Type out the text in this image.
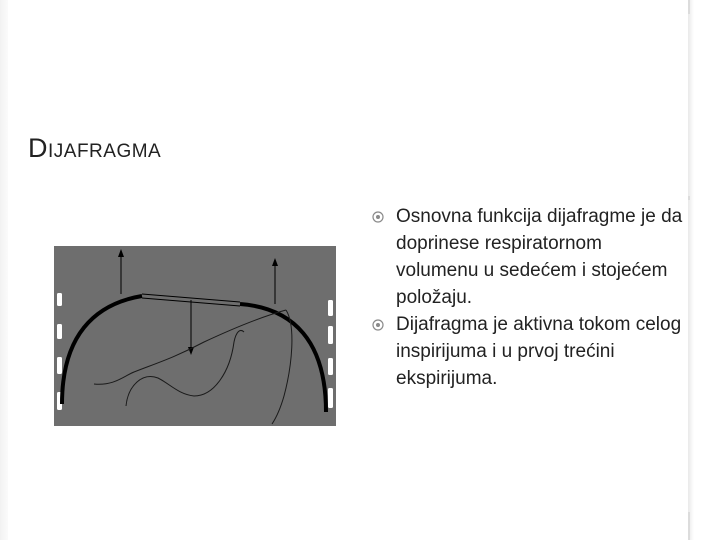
DIJAFRAGMA
Osnovna funkcija dijafragme je da doprinese respiratornom volumenu u sedećem i stojećem položaju.
Dijafragma je aktivna tokom celog inspirijuma i u prvoj trećini ekspirijuma.
